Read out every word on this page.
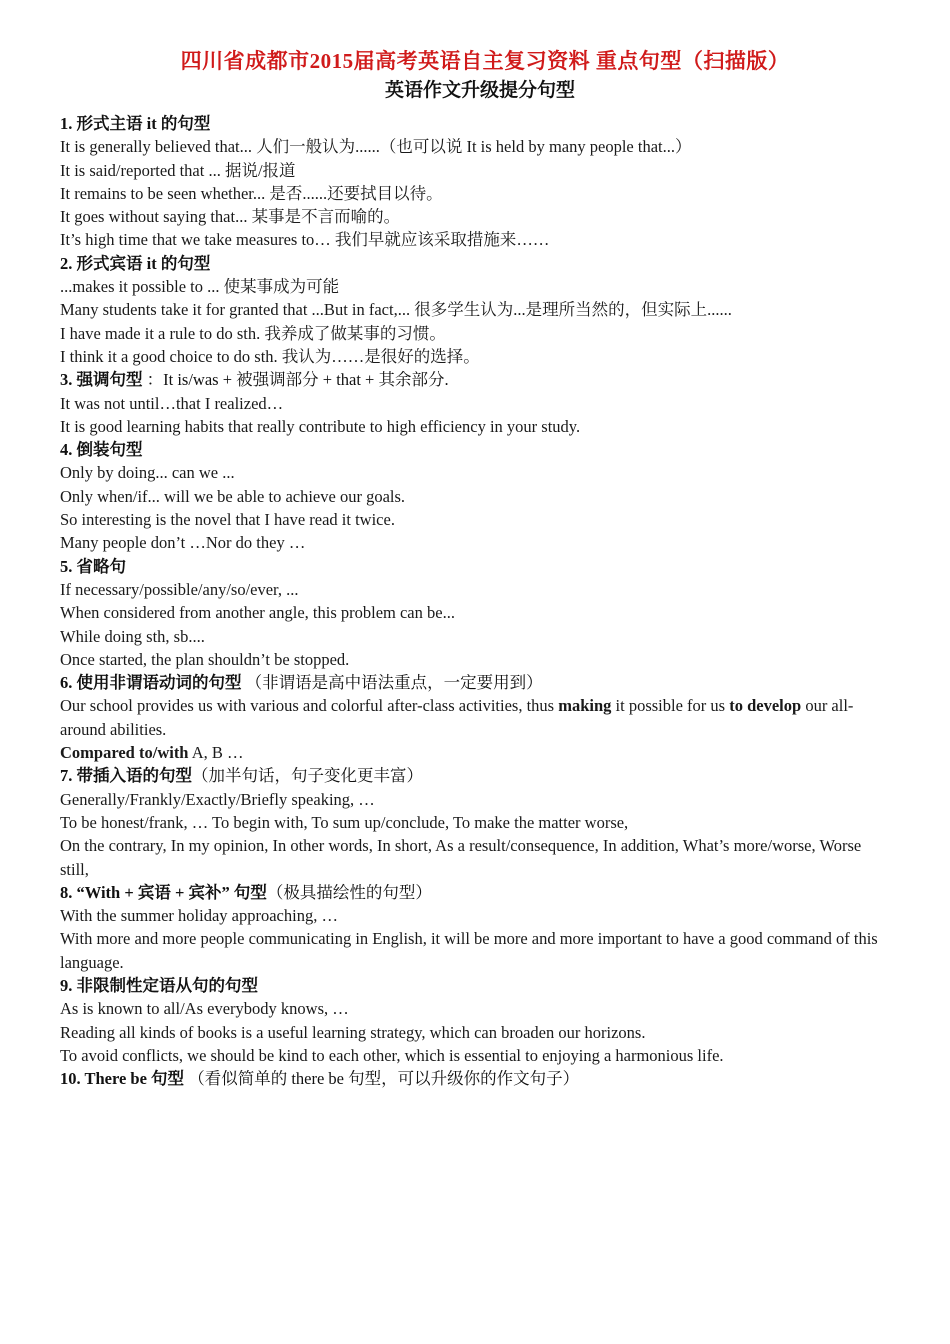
四川省成都市2015届高考英语自主复习资料 重点句型（扫描版）
英语作文升级提分句型
1. 形式主语 it 的句型
It is generally believed that... 人们一般认为......（也可以说 It is held by many people that...）
It is said/reported that ... 据说/报道
It remains to be seen whether... 是否......还要拭目以待。
It goes without saying that... 某事是不言而喻的。
It’s high time that we take measures to… 我们早就应该采取措施来……
2. 形式宾语 it 的句型
...makes it possible to ... 使某事成为可能
Many students take it for granted that ...But in fact,... 很多学生认为...是理所当然的，但实际上......
I have made it a rule to do sth. 我养成了做某事的习惯。
I think it a good choice to do sth. 我认为……是很好的选择。
3. 强调句型 ：It is/was + 被强调部分 + that + 其余部分.
It was not until…that I realized…
It is good learning habits that really contribute to high efficiency in your study.
4. 倒装句型
Only by doing... can we ...
Only when/if... will we be able to achieve our goals.
So interesting is the novel that I have read it twice.
Many people don’t …Nor do they …
5. 省略句
If necessary/possible/any/so/ever, ...
When considered from another angle, this problem can be...
While doing sth, sb....
Once started, the plan shouldn’t be stopped.
6. 使用非谓语动词的句型 （非谓语是高中语法重点，一定要用到）
Our school provides us with various and colorful after-class activities, thus making it possible for us to develop our all-around abilities.
Compared to/with A, B …
7. 带插入语的句型（加半句话，句子变化更丰富）
Generally/Frankly/Exactly/Briefly speaking, …
To be honest/frank, … To begin with, To sum up/conclude, To make the matter worse,
On the contrary, In my opinion, In other words, In short, As a result/consequence, In addition, What’s more/worse, Worse still,
8. “With + 宾语 + 宾补” 句型（极具描绘性的句型）
With the summer holiday approaching, …
With more and more people communicating in English, it will be more and more important to have a good command of this language.
9. 非限制性定语从句的句型
As is known to all/As everybody knows, …
Reading all kinds of books is a useful learning strategy, which can broaden our horizons.
To avoid conflicts, we should be kind to each other, which is essential to enjoying a harmonious life.
10. There be 句型 （看似简单的 there be 句型，可以升级你的作文句子）
